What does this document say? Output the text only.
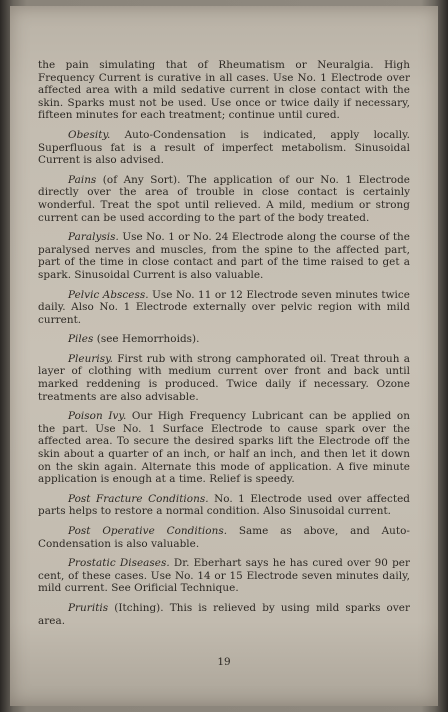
the pain simulating that of Rheumatism or Neuralgia. High Frequency Current is curative in all cases. Use No. 1 Electrode over affected area with a mild sedative current in close contact with the skin. Sparks must not be used. Use once or twice daily if necessary, fifteen minutes for each treatment; continue until cured.

Obesity. Auto-Condensation is indicated, apply locally. Superfluous fat is a result of imperfect metabolism. Sinusoidal Current is also advised.

Pains (of Any Sort). The application of our No. 1 Electrode directly over the area of trouble in close contact is certainly wonderful. Treat the spot until relieved. A mild, medium or strong current can be used according to the part of the body treated.

Paralysis. Use No. 1 or No. 24 Electrode along the course of the paralysed nerves and muscles, from the spine to the affected part, part of the time in close contact and part of the time raised to get a spark. Sinusoidal Current is also valuable.

Pelvic Abscess. Use No. 11 or 12 Electrode seven minutes twice daily. Also No. 1 Electrode externally over pelvic region with mild current.

Piles (see Hemorrhoids).

Pleurisy. First rub with strong camphorated oil. Treat throuh a layer of clothing with medium current over front and back until marked reddening is produced. Twice daily if necessary. Ozone treatments are also advisable.

Poison Ivy. Our High Frequency Lubricant can be applied on the part. Use No. 1 Surface Electrode to cause spark over the affected area. To secure the desired sparks lift the Electrode off the skin about a quarter of an inch, or half an inch, and then let it down on the skin again. Alternate this mode of application. A five minute application is enough at a time. Relief is speedy.

Post Fracture Conditions. No. 1 Electrode used over affected parts helps to restore a normal condition. Also Sinusoidal current.

Post Operative Conditions. Same as above, and Auto-Condensation is also valuable.

Prostatic Diseases. Dr. Eberhart says he has cured over 90 per cent, of these cases. Use No. 14 or 15 Electrode seven minutes daily, mild current. See Orificial Technique.

Pruritis (Itching). This is relieved by using mild sparks over area.

19
